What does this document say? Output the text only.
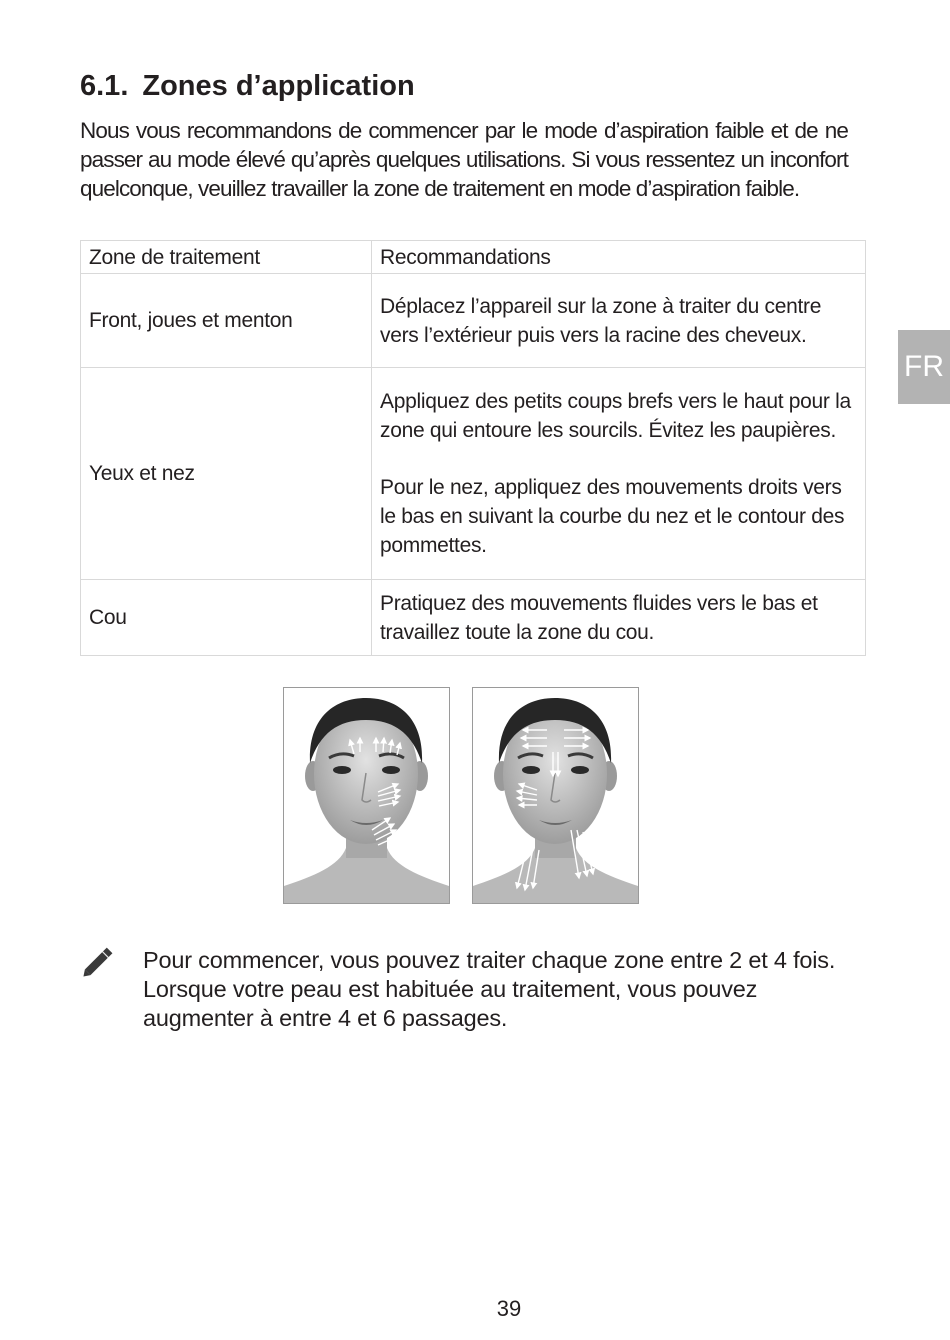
6.1. Zones d’application
Nous vous recommandons de commencer par le mode d’aspiration faible et de ne passer au mode élevé qu’après quelques utilisations. Si vous ressentez un inconfort quelconque, veuillez travailler la zone de traitement en mode d’aspiration faible.
Zone de traitement	Recommandations
Front, joues et menton	Déplacez l’appareil sur la zone à traiter du centre vers l’extérieur puis vers la racine des cheveux.

Yeux et nez	Appliquez des petits coups brefs vers le haut pour la zone qui entoure les sourcils. Évitez les paupières.

Pour le nez, appliquez des mouvements droits vers le bas en suivant la courbe du nez et le contour des pommettes.

Cou	Pratiquez des mouvements fluides vers le bas et travaillez toute la zone du cou.

FR
Pour commencer, vous pouvez traiter chaque zone entre 2 et 4 fois. Lorsque votre peau est habituée au traitement, vous pouvez augmenter à entre 4 et 6 passages.
39
